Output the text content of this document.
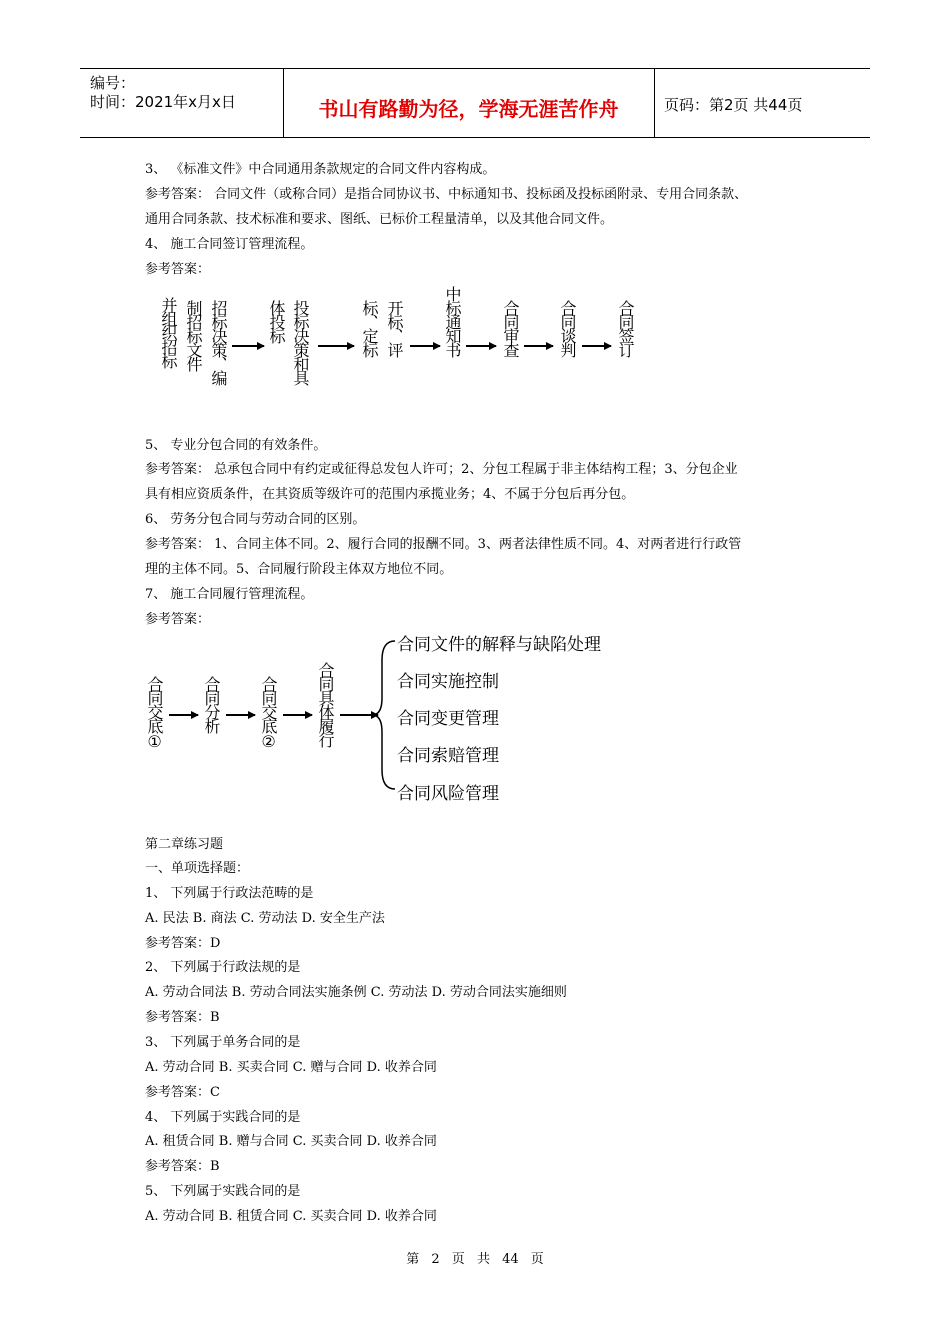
编号：
时间：2021年x月x日	书山有路勤为径，学海无涯苦作舟	页码：第2页 共44页
3、 《标准文件》中合同通用条款规定的合同文件内容构成。
参考答案： 合同文件（或称合同）是指合同协议书、中标通知书、投标函及投标函附录、专用合同条款、
通用合同条款、技术标准和要求、图纸、已标价工程量清单，以及其他合同文件。
4、 施工合同签订管理流程。
参考答案：
并组织招标 制招标文件 招标决策、编 体投标 投标决策和具	标、定标 开标、评 中标通知书 合同审查 合同谈判 合同签订
5、 专业分包合同的有效条件。
参考答案： 总承包合同中有约定或征得总发包人许可；2、分包工程属于非主体结构工程；3、分包企业
具有相应资质条件，在其资质等级许可的范围内承揽业务；4、不属于分包后再分包。
6、 劳务分包合同与劳动合同的区别。
参考答案： 1、合同主体不同。2、履行合同的报酬不同。3、两者法律性质不同。4、对两者进行行政管
理的主体不同。5、合同履行阶段主体双方地位不同。
7、 施工合同履行管理流程。
参考答案：
合同交底① 合同分析 合同交底② 合同具体履行
合同文件的解释与缺陷处理
合同实施控制
合同变更管理
合同索赔管理
合同风险管理
第二章练习题
一、单项选择题：
1、 下列属于行政法范畴的是
A. 民法 B. 商法 C. 劳动法 D. 安全生产法
参考答案：D
2、 下列属于行政法规的是
A. 劳动合同法 B. 劳动合同法实施条例 C. 劳动法 D. 劳动合同法实施细则
参考答案：B
3、 下列属于单务合同的是
A. 劳动合同 B. 买卖合同 C. 赠与合同 D. 收养合同
参考答案：C
4、 下列属于实践合同的是
A. 租赁合同 B. 赠与合同 C. 买卖合同 D. 收养合同
参考答案：B
5、 下列属于实践合同的是
A. 劳动合同 B. 租赁合同 C. 买卖合同 D. 收养合同
第 2 页 共 44 页
